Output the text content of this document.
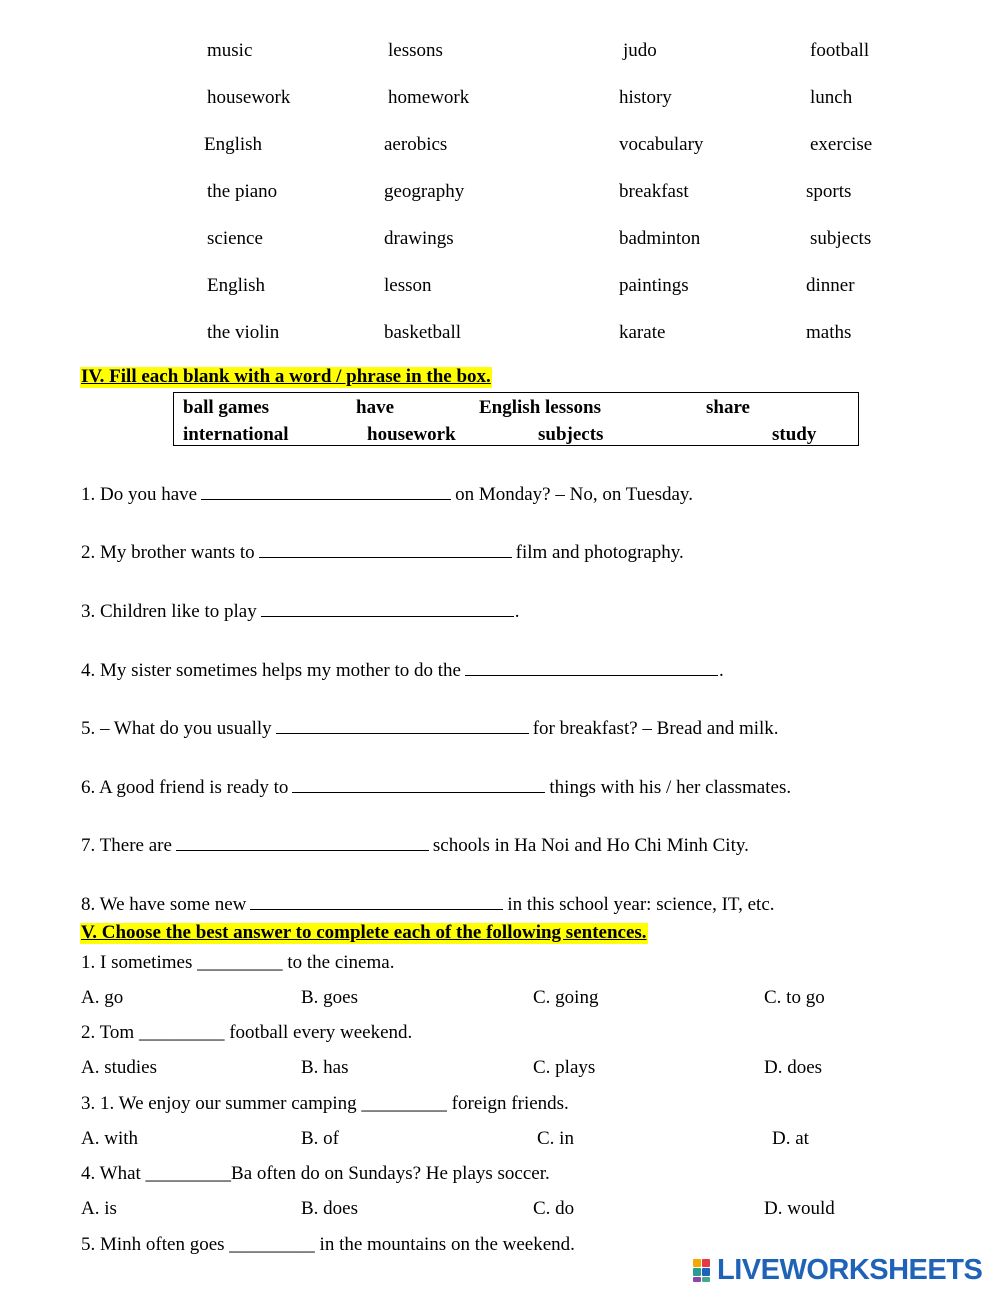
music	lessons	judo	football
housework	homework	history	lunch
English	aerobics	vocabulary	exercise
the piano	geography	breakfast	sports
science	drawings	badminton	subjects
English	lesson	paintings	dinner
the violin	basketball	karate	maths
IV. Fill each blank with a word / phrase in the box.
ball games	have	English lessons	share
international	housework	subjects	study
1. Do you have	on Monday? – No, on Tuesday.
2. My brother wants to	film and photography.
3. Children like to play	.
4. My sister sometimes helps my mother to do the	.
5. – What do you usually	for breakfast? – Bread and milk.
6. A good friend is ready to	things with his / her classmates.
7. There are	schools in Ha Noi and Ho Chi Minh City.
8. We have some new	in this school year: science, IT, etc.
V. Choose the best answer to complete each of the following sentences.
1. I sometimes _________ to the cinema.
A. go	B. goes	C. going	C. to go
2. Tom _________ football every weekend.
A. studies	B. has	C. plays	D. does
3. 1. We enjoy our summer camping _________ foreign friends.
A. with	B. of	C. in	D. at
4. What _________Ba often do on Sundays? He plays soccer.
A. is	B. does	C. do	D. would
5. Minh often goes _________ in the mountains on the weekend.
LIVEWORKSHEETS
